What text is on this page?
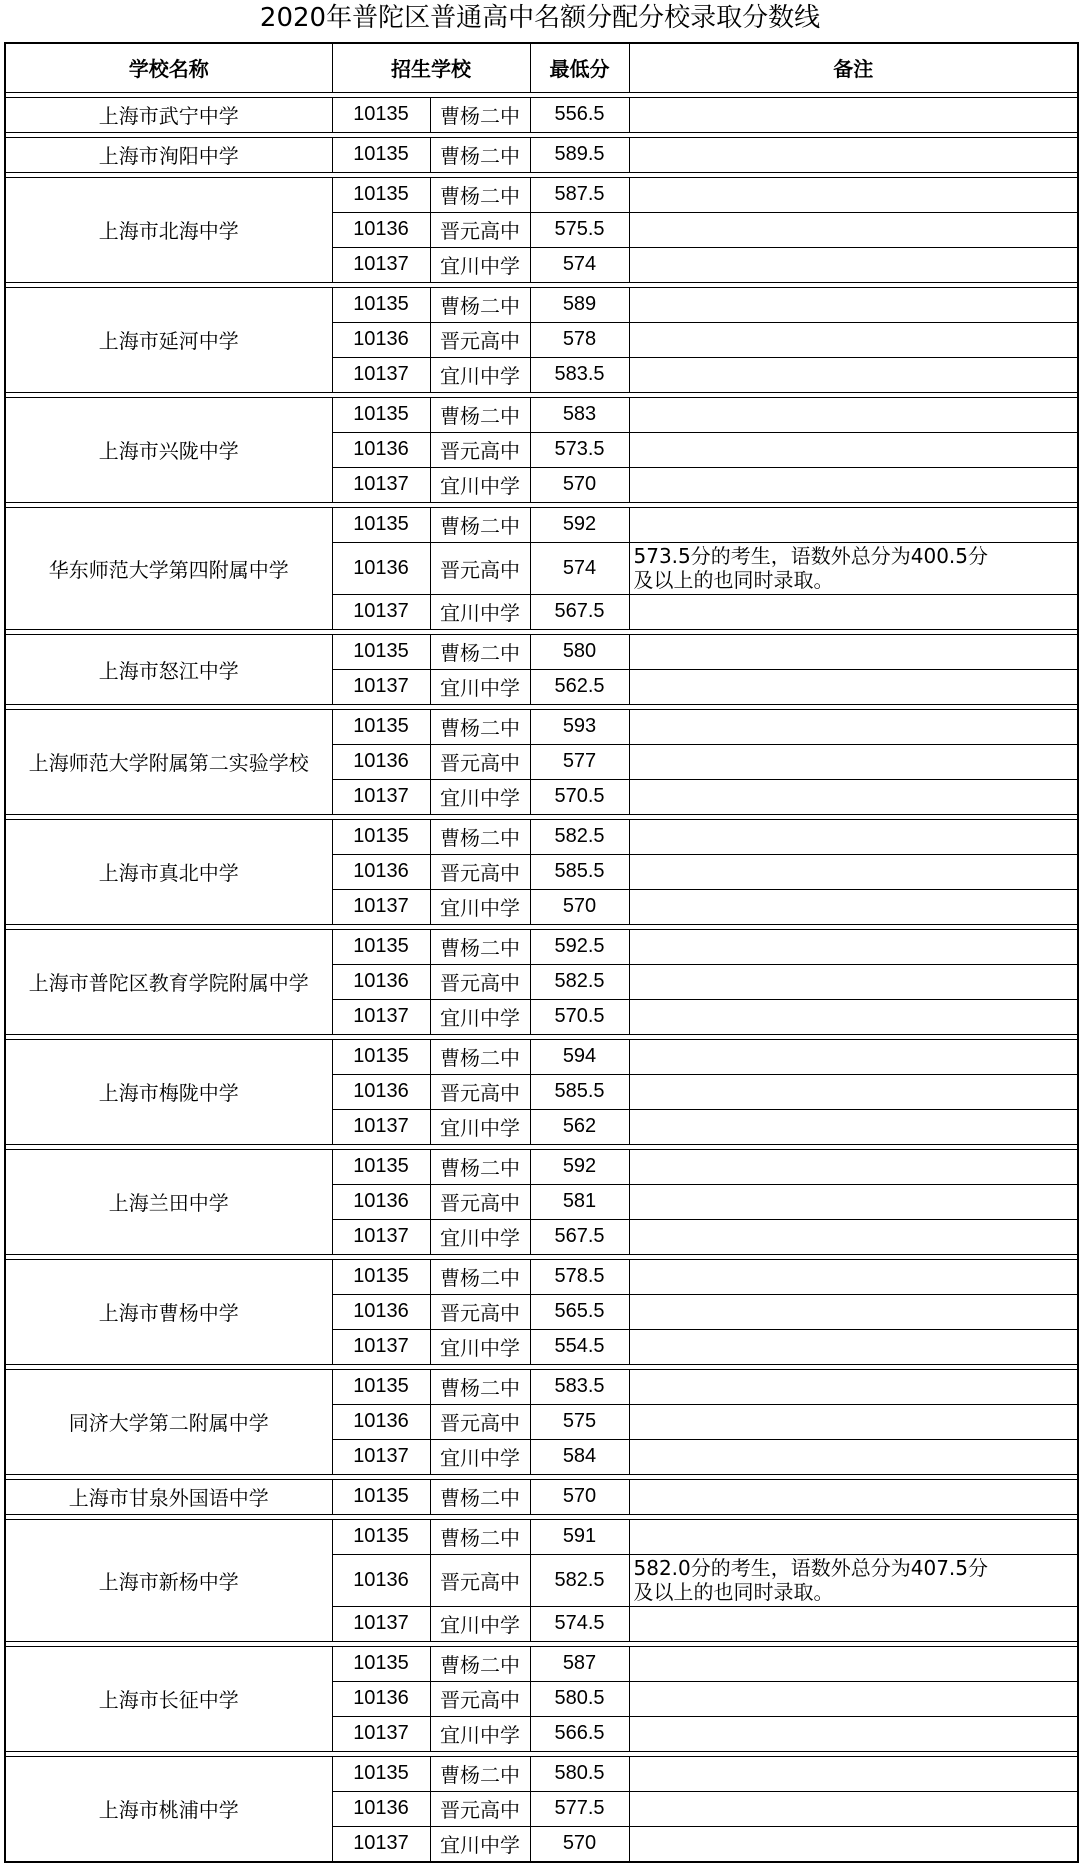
2020年普陀区普通高中名额分配分校录取分数线
学校名称	招生学校		最低分	备注

上海市武宁中学	10135	曹杨二中	556.5	

上海市洵阳中学	10135	曹杨二中	589.5	

上海市北海中学	10135	曹杨二中	587.5	
	10136	晋元高中	575.5	
	10137	宜川中学	574	

上海市延河中学	10135	曹杨二中	589	
	10136	晋元高中	578	
	10137	宜川中学	583.5	

上海市兴陇中学	10135	曹杨二中	583	
	10136	晋元高中	573.5	
	10137	宜川中学	570	

华东师范大学第四附属中学	10135	曹杨二中	592	
	10136	晋元高中	574	573.5分的考生，语数外总分为400.5分
及以上的也同时录取。

	10137	宜川中学	567.5	

上海市怒江中学	10135	曹杨二中	580	
	10137	宜川中学	562.5	

上海师范大学附属第二实验学校	10135	曹杨二中	593	
	10136	晋元高中	577	
	10137	宜川中学	570.5	

上海市真北中学	10135	曹杨二中	582.5	
	10136	晋元高中	585.5	
	10137	宜川中学	570	

上海市普陀区教育学院附属中学	10135	曹杨二中	592.5	
	10136	晋元高中	582.5	
	10137	宜川中学	570.5	

上海市梅陇中学	10135	曹杨二中	594	
	10136	晋元高中	585.5	
	10137	宜川中学	562	

上海兰田中学	10135	曹杨二中	592	
	10136	晋元高中	581	
	10137	宜川中学	567.5	

上海市曹杨中学	10135	曹杨二中	578.5	
	10136	晋元高中	565.5	
	10137	宜川中学	554.5	

同济大学第二附属中学	10135	曹杨二中	583.5	
	10136	晋元高中	575	
	10137	宜川中学	584	

上海市甘泉外国语中学	10135	曹杨二中	570	

上海市新杨中学	10135	曹杨二中	591	
	10136	晋元高中	582.5	582.0分的考生，语数外总分为407.5分
及以上的也同时录取。

	10137	宜川中学	574.5	

上海市长征中学	10135	曹杨二中	587	
	10136	晋元高中	580.5	
	10137	宜川中学	566.5	

上海市桃浦中学	10135	曹杨二中	580.5	
	10136	晋元高中	577.5	
	10137	宜川中学	570	
